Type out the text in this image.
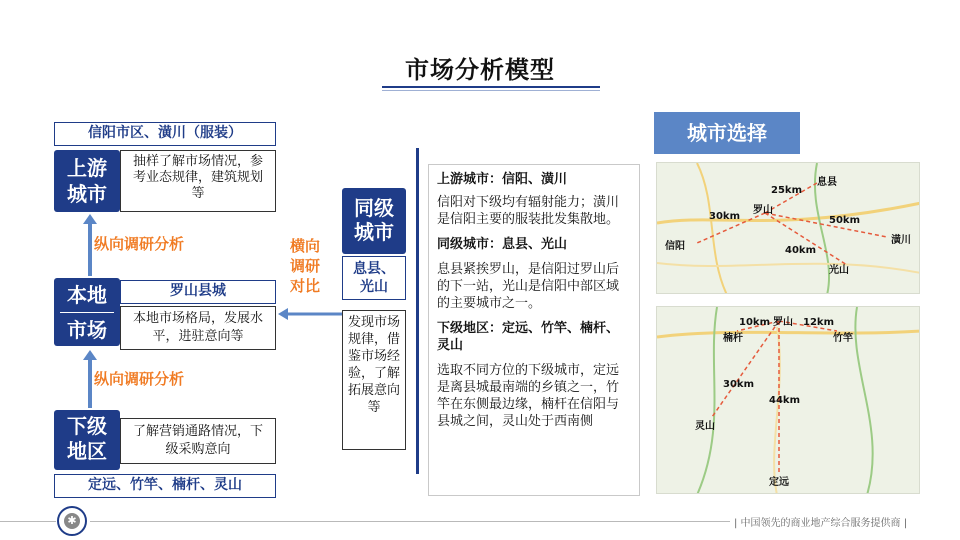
市场分析模型
信阳市区、潢川（服装）
上游
城市
抽样了解市场情况，参考业态规律，建筑规划等
纵向调研分析
本地
市场
罗山县城
本地市场格局，发展水平，进驻意向等
纵向调研分析
下级
地区
了解营销通路情况，下级采购意向
定远、竹竿、楠杆、灵山
横向
调研
对比
同级
城市
息县、
光山
发现市场规律，借鉴市场经验，了解拓展意向等
上游城市：信阳、潢川
信阳对下级均有辐射能力；潢川是信阳主要的服装批发集散地。
同级城市：息县、光山
息县紧挨罗山，是信阳过罗山后的下一站，光山是信阳中部区域的主要城市之一。
下级地区：定远、竹竿、楠杆、灵山
选取不同方位的下级城市，定远是离县城最南端的乡镇之一，竹竿在东侧最边缘，楠杆在信阳与县城之间，灵山处于西南侧
城市选择
息县
25km
罗山
30km	50km
信阳	40km
潢川
光山
罗山
10km	12km
楠杆	竹竿
30km
44km
灵山
定远
✱	| 中国领先的商业地产综合服务提供商 |
